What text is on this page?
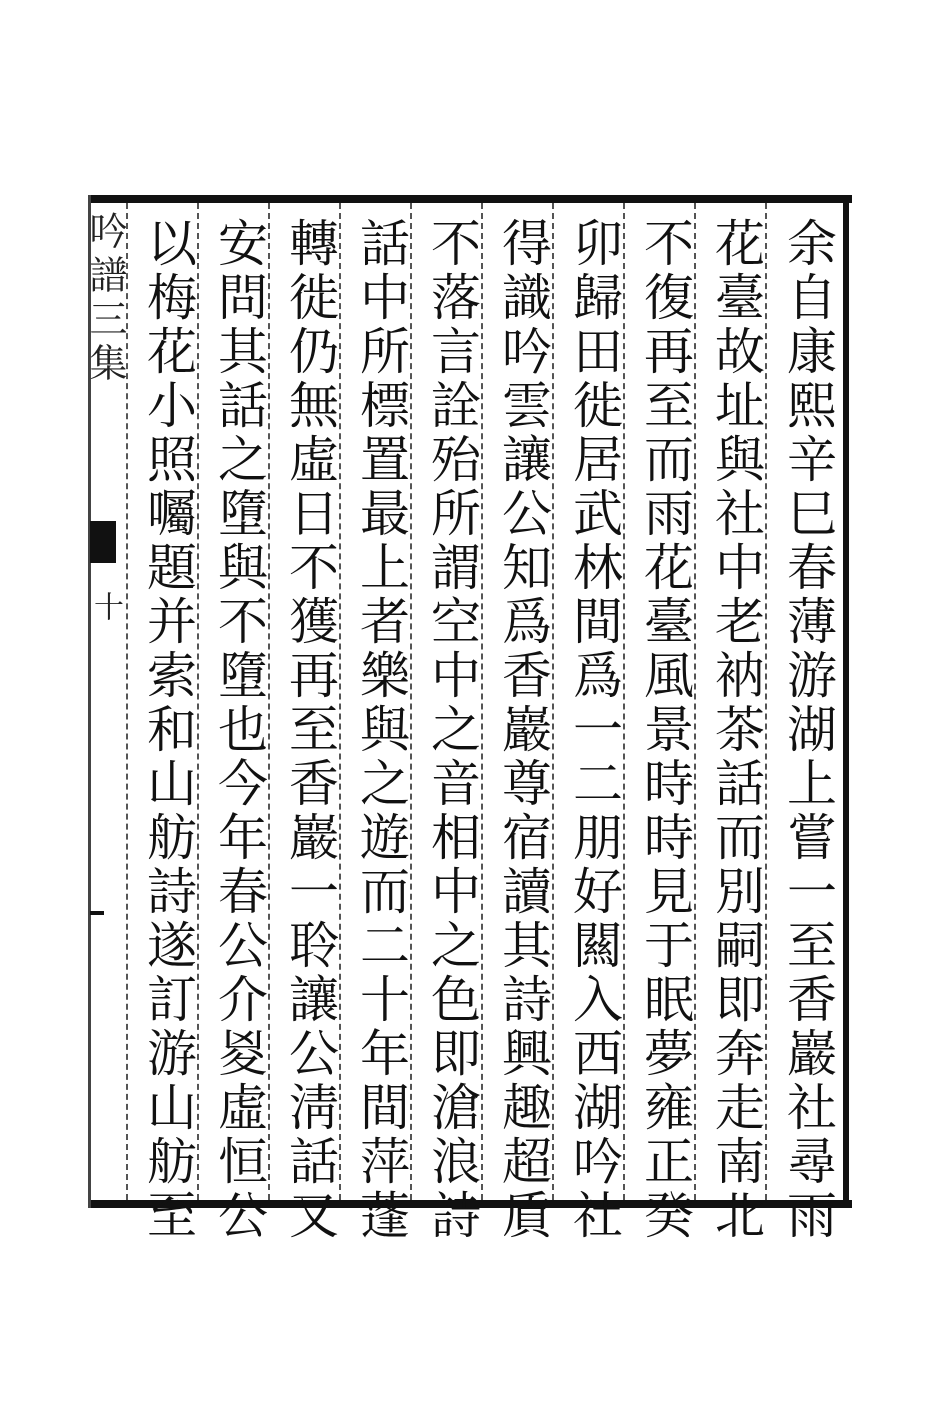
吟譜三集
十	余自康熙辛巳春薄游湖上嘗一至香巖社尋雨
花臺故址與社中老衲茶話而別嗣即奔走南北
不復再至而雨花臺風景時時見于眠夢雍正癸
卯歸田徙居武林間爲一二朋好闗入西湖吟社
得識吟雲讓公知爲香巖尊宿讀其詩興趣超貭
不落言詮殆所謂空中之音相中之色即滄浪詩
話中所標置最上者樂與之遊而二十年間萍蓬
轉徙仍無虛日不獲再至香巖一聆讓公淸話又
安問其話之墮與不墮也今年春公介㚇虛恒公
以梅花小照囑題并索和山舫詩遂訂游山舫至
